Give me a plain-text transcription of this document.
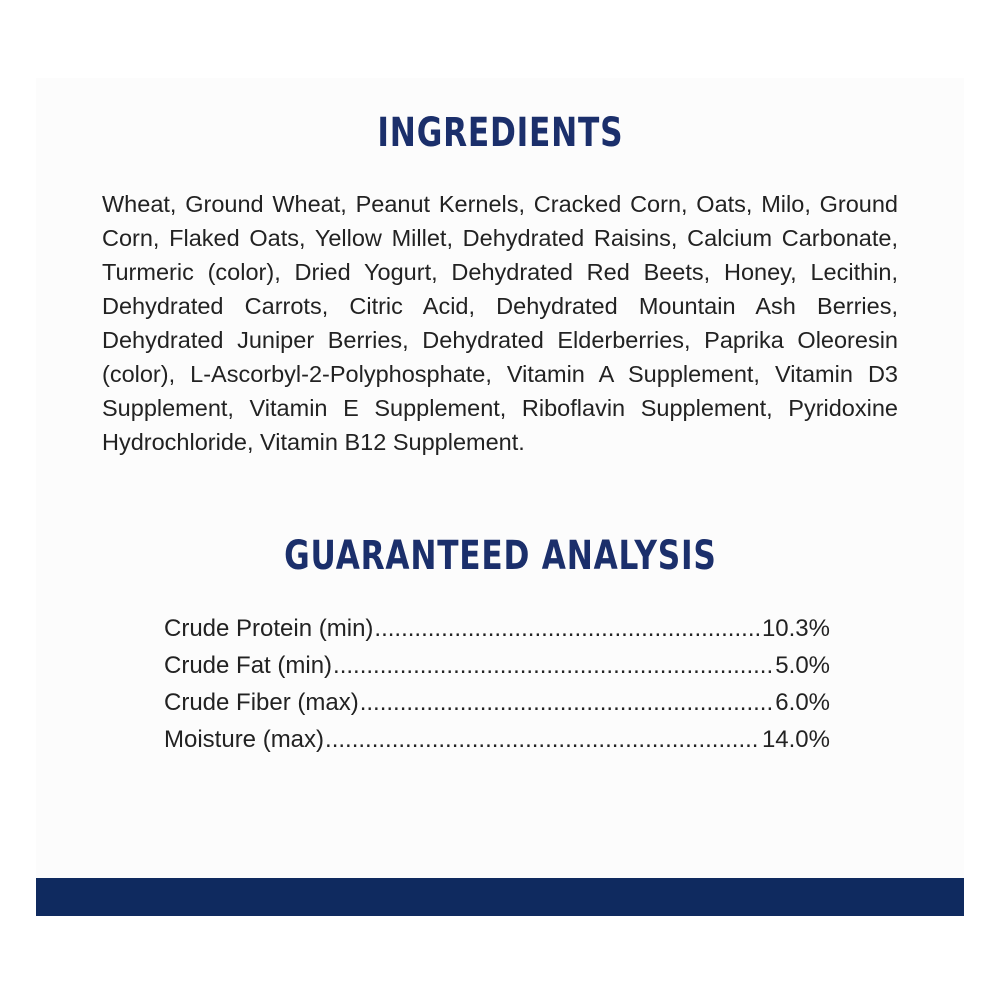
INGREDIENTS

Wheat, Ground Wheat, Peanut Kernels, Cracked Corn, Oats, Milo, Ground Corn, Flaked Oats, Yellow Millet, Dehydrated Raisins, Calcium Carbonate, Turmeric (color), Dried Yogurt, Dehydrated Red Beets, Honey, Lecithin, Dehydrated Carrots, Citric Acid, Dehydrated Mountain Ash Berries, Dehydrated Juniper Berries, Dehydrated Elderberries, Paprika Oleoresin (color), L-Ascorbyl-2-Polyphosphate, Vitamin A Supplement, Vitamin D3 Supplement, Vitamin E Supplement, Riboflavin Supplement, Pyridoxine Hydrochloride, Vitamin B12 Supplement.

GUARANTEED ANALYSIS
Crude Protein (min) .....	10.3%
Crude Fat (min) .....	5.0%
Crude Fiber (max) .....	6.0%
Moisture (max) .....	14.0%
